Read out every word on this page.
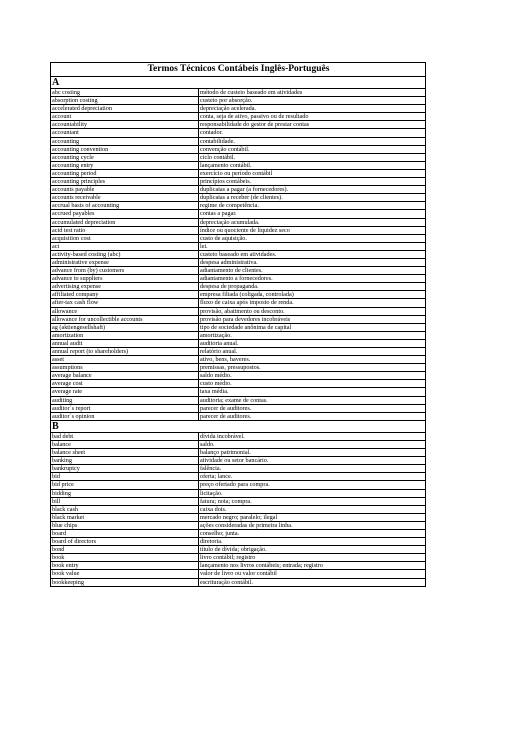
Termos Técnicos Contábeis Inglês-Português	
A	
abc costing	método de custeio baseado em atividades
absorption costing	custeio por absorção.
accelerated depreciation	depreciação acelerada.
account	conta, seja de ativo, passivo ou de resultado
accountability	responsabilidade do gestor de prestar contas
accountant	contador.
accounting	contabilidade.
accounting convention	convenção contábil.
accounting cycle	ciclo contábil.
accounting entry	lançamento contábil.
accounting period	exercício ou período contábil
accounting principles	princípios contábeis.
accounts payable	duplicatas a pagar (a fornecedores).
accounts receivable	duplicatas a receber (de clientes).
accrual basis of accounting	regime de competência.
accrued payables	contas a pagar.
accumulated depreciation	depreciação acumulada.
acid test ratio	índice ou quociente de liquidez seco
acquisition cost	custo de aquisição.
act	lei.
activity-based costing (abc)	custeio baseado em atividades.
administrative expense	despesa administrativa.
advance from (by) customers	adiantamento de clientes.
advance to suppliers	adiantamento a fornecedores.
advertising expense	despesa de propaganda.
affiliated company	empresa filiada (coligada, controlada)
after-tax cash flow	fluxo de caixa após imposto de renda.
allowance	provisão, abatimento ou desconto.
allowance for uncollectible accounts	provisão para devedores incobráveis
ag (aktiengesellshaft)	tipo de sociedade anônima de capital
amortization	amortização.
annual audit	auditoria anual.
annual report (to shareholders)	relatório anual.
asset	ativo, bens, haveres.
assumptions	premissas, pressupostos.
average balance	saldo médio.
average cost	custo médio.
average rate	taxa média.
auditing	auditoria; exame de contas.
auditor´s report	parecer de auditores.
auditor´s opinion	parecer de auditores.
B	
bad debt	dívida incobrável.
balance	saldo.
balance sheet	balanço patrimonial.
banking	atividade ou setor bancário.
bankruptcy	falência.
bid	oferta; lance.
bid price	preço ofertado para compra.
bidding	licitação.
bill	fatura; nota; compra.
black cash	caixa dois.
black market	mercado negro; paralelo; ilegal
blue chips	ações consideradas de primeira linha.
board	conselho; junta.
board of directors	diretoria.
bond	título de dívida; obrigação.
book	livro contábil; registro
book entry	lançamento nos livros contábeis; entrada; registro
book value	valor de livro ou valor contábil
bookkeeping	escrituração contábil.
